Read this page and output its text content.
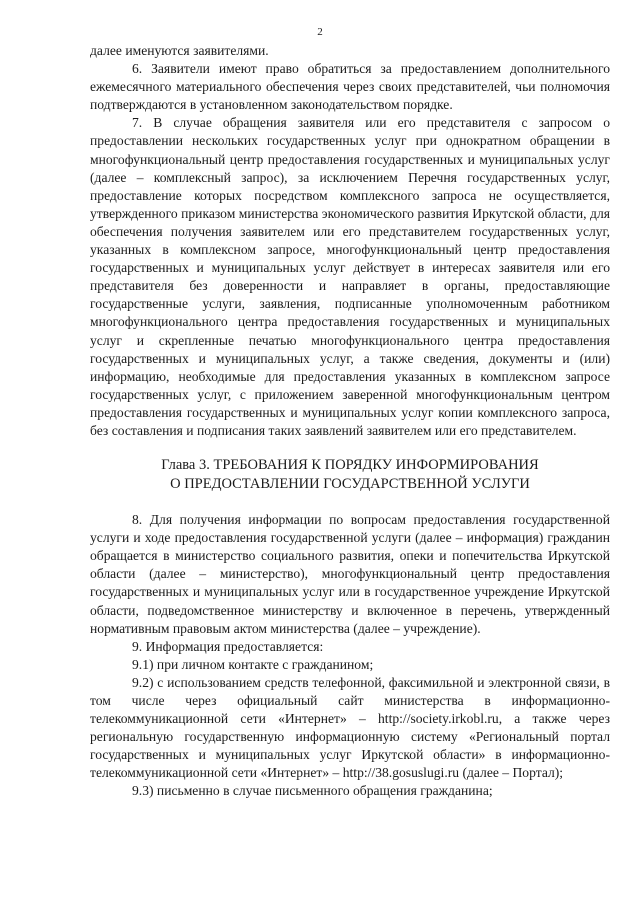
2

далее именуются заявителями.

6. Заявители имеют право обратиться за предоставлением дополнительного ежемесячного материального обеспечения через своих представителей, чьи полномочия подтверждаются в установленном законодательством порядке.

7. В случае обращения заявителя или его представителя с запросом о предоставлении нескольких государственных услуг при однократном обращении в многофункциональный центр предоставления государственных и муниципальных услуг (далее – комплексный запрос), за исключением Перечня государственных услуг, предоставление которых посредством комплексного запроса не осуществляется, утвержденного приказом министерства экономического развития Иркутской области, для обеспечения получения заявителем или его представителем государственных услуг, указанных в комплексном запросе, многофункциональный центр предоставления государственных и муниципальных услуг действует в интересах заявителя или его представителя без доверенности и направляет в органы, предоставляющие государственные услуги, заявления, подписанные уполномоченным работником многофункционального центра предоставления государственных и муниципальных услуг и скрепленные печатью многофункционального центра предоставления государственных и муниципальных услуг, а также сведения, документы и (или) информацию, необходимые для предоставления указанных в комплексном запросе государственных услуг, с приложением заверенной многофункциональным центром предоставления государственных и муниципальных услуг копии комплексного запроса, без составления и подписания таких заявлений заявителем или его представителем.

Глава 3. ТРЕБОВАНИЯ К ПОРЯДКУ ИНФОРМИРОВАНИЯ
О ПРЕДОСТАВЛЕНИИ ГОСУДАРСТВЕННОЙ УСЛУГИ

8. Для получения информации по вопросам предоставления государственной услуги и ходе предоставления государственной услуги (далее – информация) гражданин обращается в министерство социального развития, опеки и попечительства Иркутской области (далее – министерство), многофункциональный центр предоставления государственных и муниципальных услуг или в государственное учреждение Иркутской области, подведомственное министерству и включенное в перечень, утвержденный нормативным правовым актом министерства (далее – учреждение).

9. Информация предоставляется:

9.1) при личном контакте с гражданином;

9.2) с использованием средств телефонной, факсимильной и электронной связи, в том числе через официальный сайт министерства в информационно-телекоммуникационной сети «Интернет» – http://society.irkobl.ru, а также через региональную государственную информационную систему «Региональный портал государственных и муниципальных услуг Иркутской области» в информационно-телекоммуникационной сети «Интернет» – http://38.gosuslugi.ru (далее – Портал);

9.3) письменно в случае письменного обращения гражданина;
